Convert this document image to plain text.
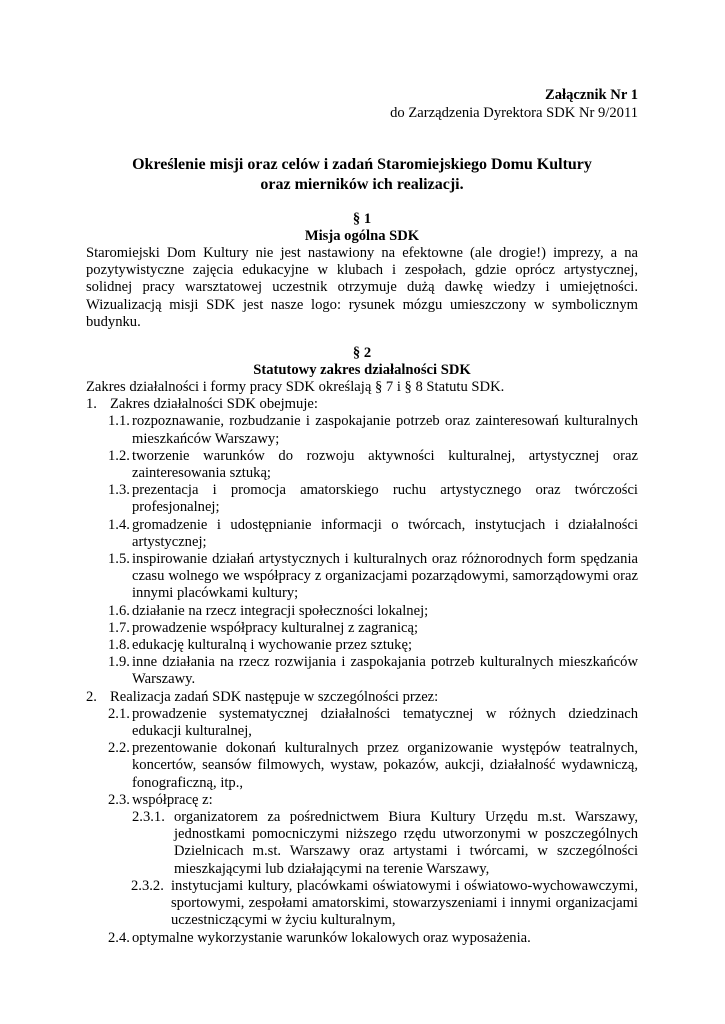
Załącznik Nr 1
do Zarządzenia Dyrektora SDK Nr 9/2011
Określenie misji oraz celów i zadań Staromiejskiego Domu Kultury
oraz mierników ich realizacji.
§ 1
Misja ogólna SDK
Staromiejski Dom Kultury nie jest nastawiony na efektowne (ale drogie!) imprezy, a na pozytywistyczne zajęcia edukacyjne w klubach i zespołach, gdzie oprócz artystycznej, solidnej pracy warsztatowej uczestnik otrzymuje dużą dawkę wiedzy i umiejętności. Wizualizacją misji SDK jest nasze logo: rysunek mózgu umieszczony w symbolicznym budynku.
§ 2
Statutowy zakres działalności SDK
Zakres działalności i formy pracy SDK określają § 7 i § 8 Statutu SDK.
1. Zakres działalności SDK obejmuje:
1.1. rozpoznawanie, rozbudzanie i zaspokajanie potrzeb oraz zainteresowań kulturalnych mieszkańców Warszawy;
1.2. tworzenie warunków do rozwoju aktywności kulturalnej, artystycznej oraz zainteresowania sztuką;
1.3. prezentacja i promocja amatorskiego ruchu artystycznego oraz twórczości profesjonalnej;
1.4. gromadzenie i udostępnianie informacji o twórcach, instytucjach i działalności artystycznej;
1.5. inspirowanie działań artystycznych i kulturalnych oraz różnorodnych form spędzania czasu wolnego we współpracy z organizacjami pozarządowymi, samorządowymi oraz innymi placówkami kultury;
1.6. działanie na rzecz integracji społeczności lokalnej;
1.7. prowadzenie współpracy kulturalnej z zagranicą;
1.8. edukację kulturalną i wychowanie przez sztukę;
1.9. inne działania na rzecz rozwijania i zaspokajania potrzeb kulturalnych mieszkańców Warszawy.
2. Realizacja zadań SDK następuje w szczególności przez:
2.1. prowadzenie systematycznej działalności tematycznej w różnych dziedzinach edukacji kulturalnej,
2.2. prezentowanie dokonań kulturalnych przez organizowanie występów teatralnych, koncertów, seansów filmowych, wystaw, pokazów, aukcji, działalność wydawniczą, fonograficzną, itp.,
2.3. współpracę z:
2.3.1. organizatorem za pośrednictwem Biura Kultury Urzędu m.st. Warszawy, jednostkami pomocniczymi niższego rzędu utworzonymi w poszczególnych Dzielnicach m.st. Warszawy oraz artystami i twórcami, w szczególności mieszkającymi lub działającymi na terenie Warszawy,
2.3.2. instytucjami kultury, placówkami oświatowymi i oświatowo-wychowawczymi, sportowymi, zespołami amatorskimi, stowarzyszeniami i innymi organizacjami uczestniczącymi w życiu kulturalnym,
2.4. optymalne wykorzystanie warunków lokalowych oraz wyposażenia.
